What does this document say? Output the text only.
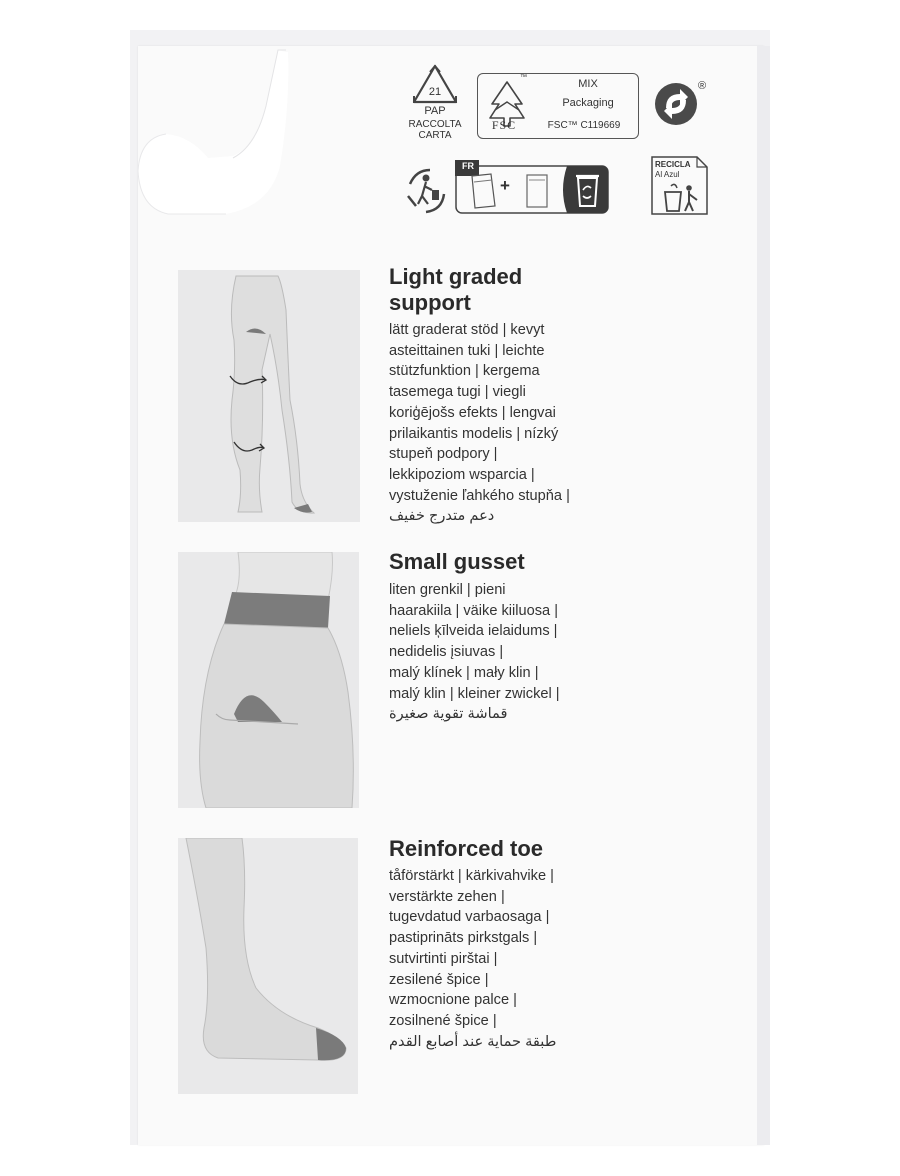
21
PAP
RACCOLTA
CARTA
™
FSC
MIX
Packaging
FSC™ C119669
®
FR
+
RECICLA
Al Azul
Light graded
support
lätt graderat stöd | kevyt
asteittainen tuki | leichte
stützfunktion | kergema
tasemega tugi | viegli
koriģējošs efekts | lengvai
prilaikantis modelis | nízký
stupeň podpory |
lekkipoziom wsparcia |
vystuženie ľahkého stupňa |
دعم متدرج خفيف
Small gusset
liten grenkil | pieni
haarakiila | väike kiiluosa |
neliels ķīlveida ielaidums |
nedidelis įsiuvas |
malý klínek | mały klin |
malý klin | kleiner zwickel |
قماشة تقوية صغيرة
Reinforced toe
tåförstärkt | kärkivahvike |
verstärkte zehen |
tugevdatud varbaosaga |
pastiprināts pirkstgals |
sutvirtinti pirštai |
zesilené špice |
wzmocnione palce |
zosilnené špice |
طبقة حماية عند أصابع القدم
